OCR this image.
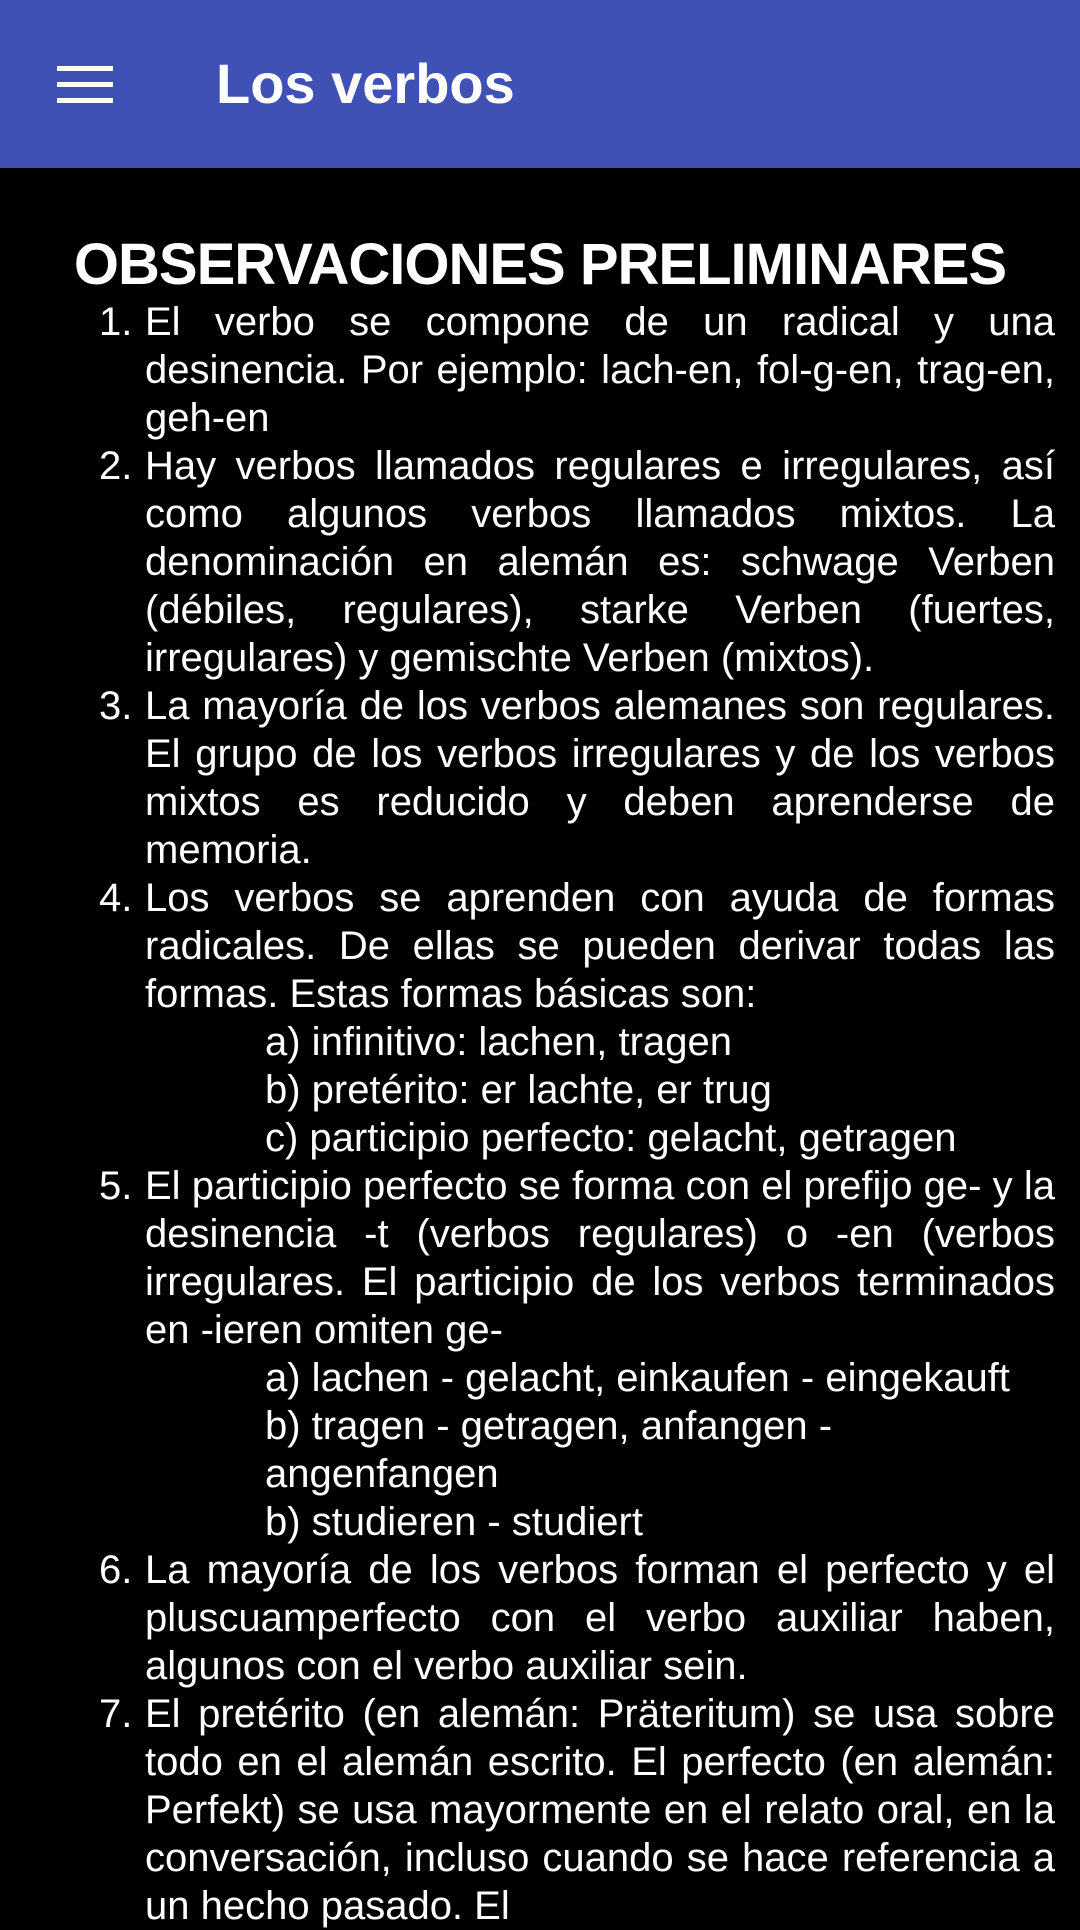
Los verbos
OBSERVACIONES PRELIMINARES
1. El verbo se compone de un radical y una desinencia. Por ejemplo: lach-en, fol-g-en, trag-en, geh-en
2. Hay verbos llamados regulares e irregulares, así como algunos verbos llamados mixtos. La denominación en alemán es: schwage Verben (débiles, regulares), starke Verben (fuertes, irregulares) y gemischte Verben (mixtos).
3. La mayoría de los verbos alemanes son regulares. El grupo de los verbos irregulares y de los verbos mixtos es reducido y deben aprenderse de memoria.
4. Los verbos se aprenden con ayuda de formas radicales. De ellas se pueden derivar todas las formas. Estas formas básicas son:
a) infinitivo: lachen, tragen
b) pretérito: er lachte, er trug
c) participio perfecto: gelacht, getragen
5. El participio perfecto se forma con el prefijo ge- y la desinencia -t (verbos regulares) o -en (verbos irregulares. El participio de los verbos terminados en -ieren omiten ge-
a) lachen - gelacht, einkaufen - eingekauft
b) tragen - getragen, anfangen - angenfangen
b) studieren - studiert
6. La mayoría de los verbos forman el perfecto y el pluscuamperfecto con el verbo auxiliar haben, algunos con el verbo auxiliar sein.
7. El pretérito (en alemán: Präteritum) se usa sobre todo en el alemán escrito. El perfecto (en alemán: Perfekt) se usa mayormente en el relato oral, en la conversación, incluso cuando se hace referencia a un hecho pasado. El
